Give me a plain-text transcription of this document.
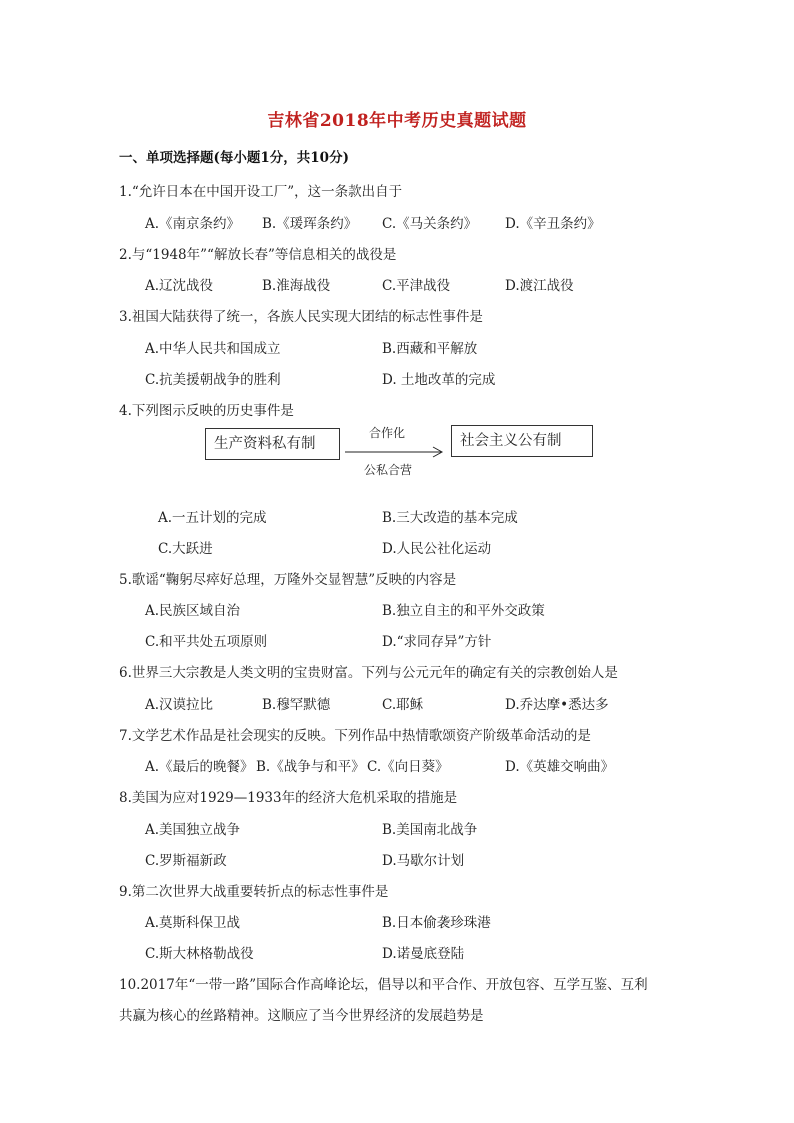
吉林省2018年中考历史真题试题
一、单项选择题(每小题1分，共10分)
1.“允许日本在中国开设工厂”，这一条款出自于
A.《南京条约》 B.《瑗珲条约》 C.《马关条约》 D.《辛丑条约》
2.与“1948年”“解放长春”等信息相关的战役是
A.辽沈战役	B.淮海战役	C.平津战役	D.渡江战役
3.祖国大陆获得了统一，各族人民实现大团结的标志性事件是
A.中华人民共和国成立	B.西藏和平解放
C.抗美援朝战争的胜利	D. 土地改革的完成
4.下列图示反映的历史事件是
生产资料私有制	社会主义公有制
合作化
公私合营
A.一五计划的完成	B.三大改造的基本完成
C.大跃进	D.人民公社化运动
5.歌谣“鞠躬尽瘁好总理，万隆外交显智慧”反映的内容是
A.民族区域自治	B.独立自主的和平外交政策
C.和平共处五项原则	D.“求同存异”方针
6.世界三大宗教是人类文明的宝贵财富。下列与公元元年的确定有关的宗教创始人是
A.汉谟拉比	B.穆罕默德	C.耶稣	D.乔达摩•悉达多
7.文学艺术作品是社会现实的反映。下列作品中热情歌颂资产阶级革命活动的是
A.《最后的晚餐》 B.《战争与和平》 C.《向日葵》	D.《英雄交响曲》
8.美国为应对1929—1933年的经济大危机采取的措施是
A.美国独立战争	B.美国南北战争
C.罗斯福新政	D.马歇尔计划
9.第二次世界大战重要转折点的标志性事件是
A.莫斯科保卫战	B.日本偷袭珍珠港
C.斯大林格勒战役	D.诺曼底登陆
10.2017年“一带一路”国际合作高峰论坛，倡导以和平合作、开放包容、互学互鉴、互利
共赢为核心的丝路精神。这顺应了当今世界经济的发展趋势是
